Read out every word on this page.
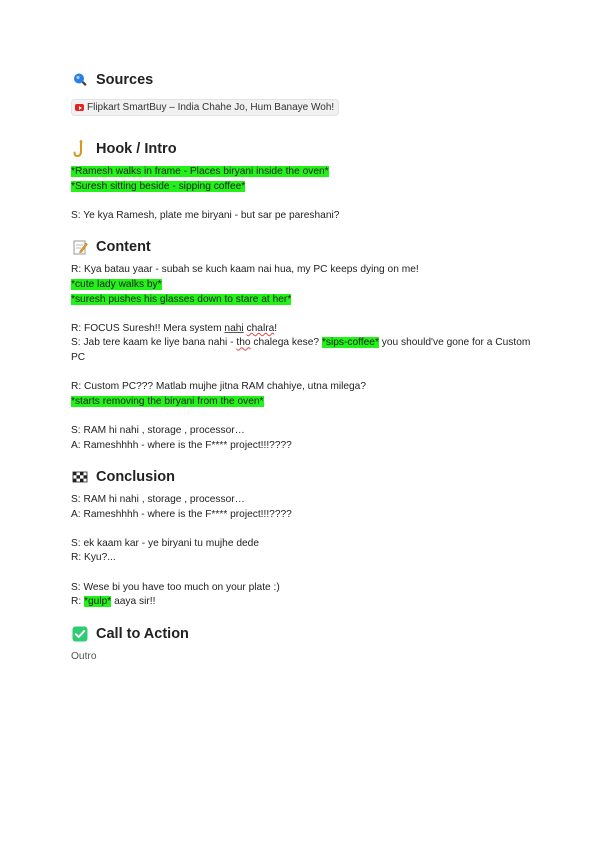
Sources
Flipkart SmartBuy – India Chahe Jo, Hum Banaye Woh!
Hook / Intro
*Ramesh walks in frame - Places biryani inside the oven*
*Suresh sitting beside - sipping coffee*
S: Ye kya Ramesh, plate me biryani - but sar pe pareshani?
Content
R: Kya batau yaar - subah se kuch kaam nai hua, my PC keeps dying on me!
*cute lady walks by*
*suresh pushes his glasses down to stare at her*
R: FOCUS Suresh!! Mera system nahi chalra!
S: Jab tere kaam ke liye bana nahi - tho chalega kese? *sips-coffee* you should've gone for a Custom PC
R: Custom PC??? Matlab mujhe jitna RAM chahiye, utna milega?
*starts removing the biryani from the oven*
S: RAM hi nahi , storage , processor…
A: Rameshhhh - where is the F**** project!!!????
Conclusion
S: RAM hi nahi , storage , processor…
A: Rameshhhh - where is the F**** project!!!????
S: ek kaam kar - ye biryani tu mujhe dede
R: Kyu?...
S: Wese bi you have too much on your plate :)
R: *gulp* aaya sir!!
Call to Action
Outro
